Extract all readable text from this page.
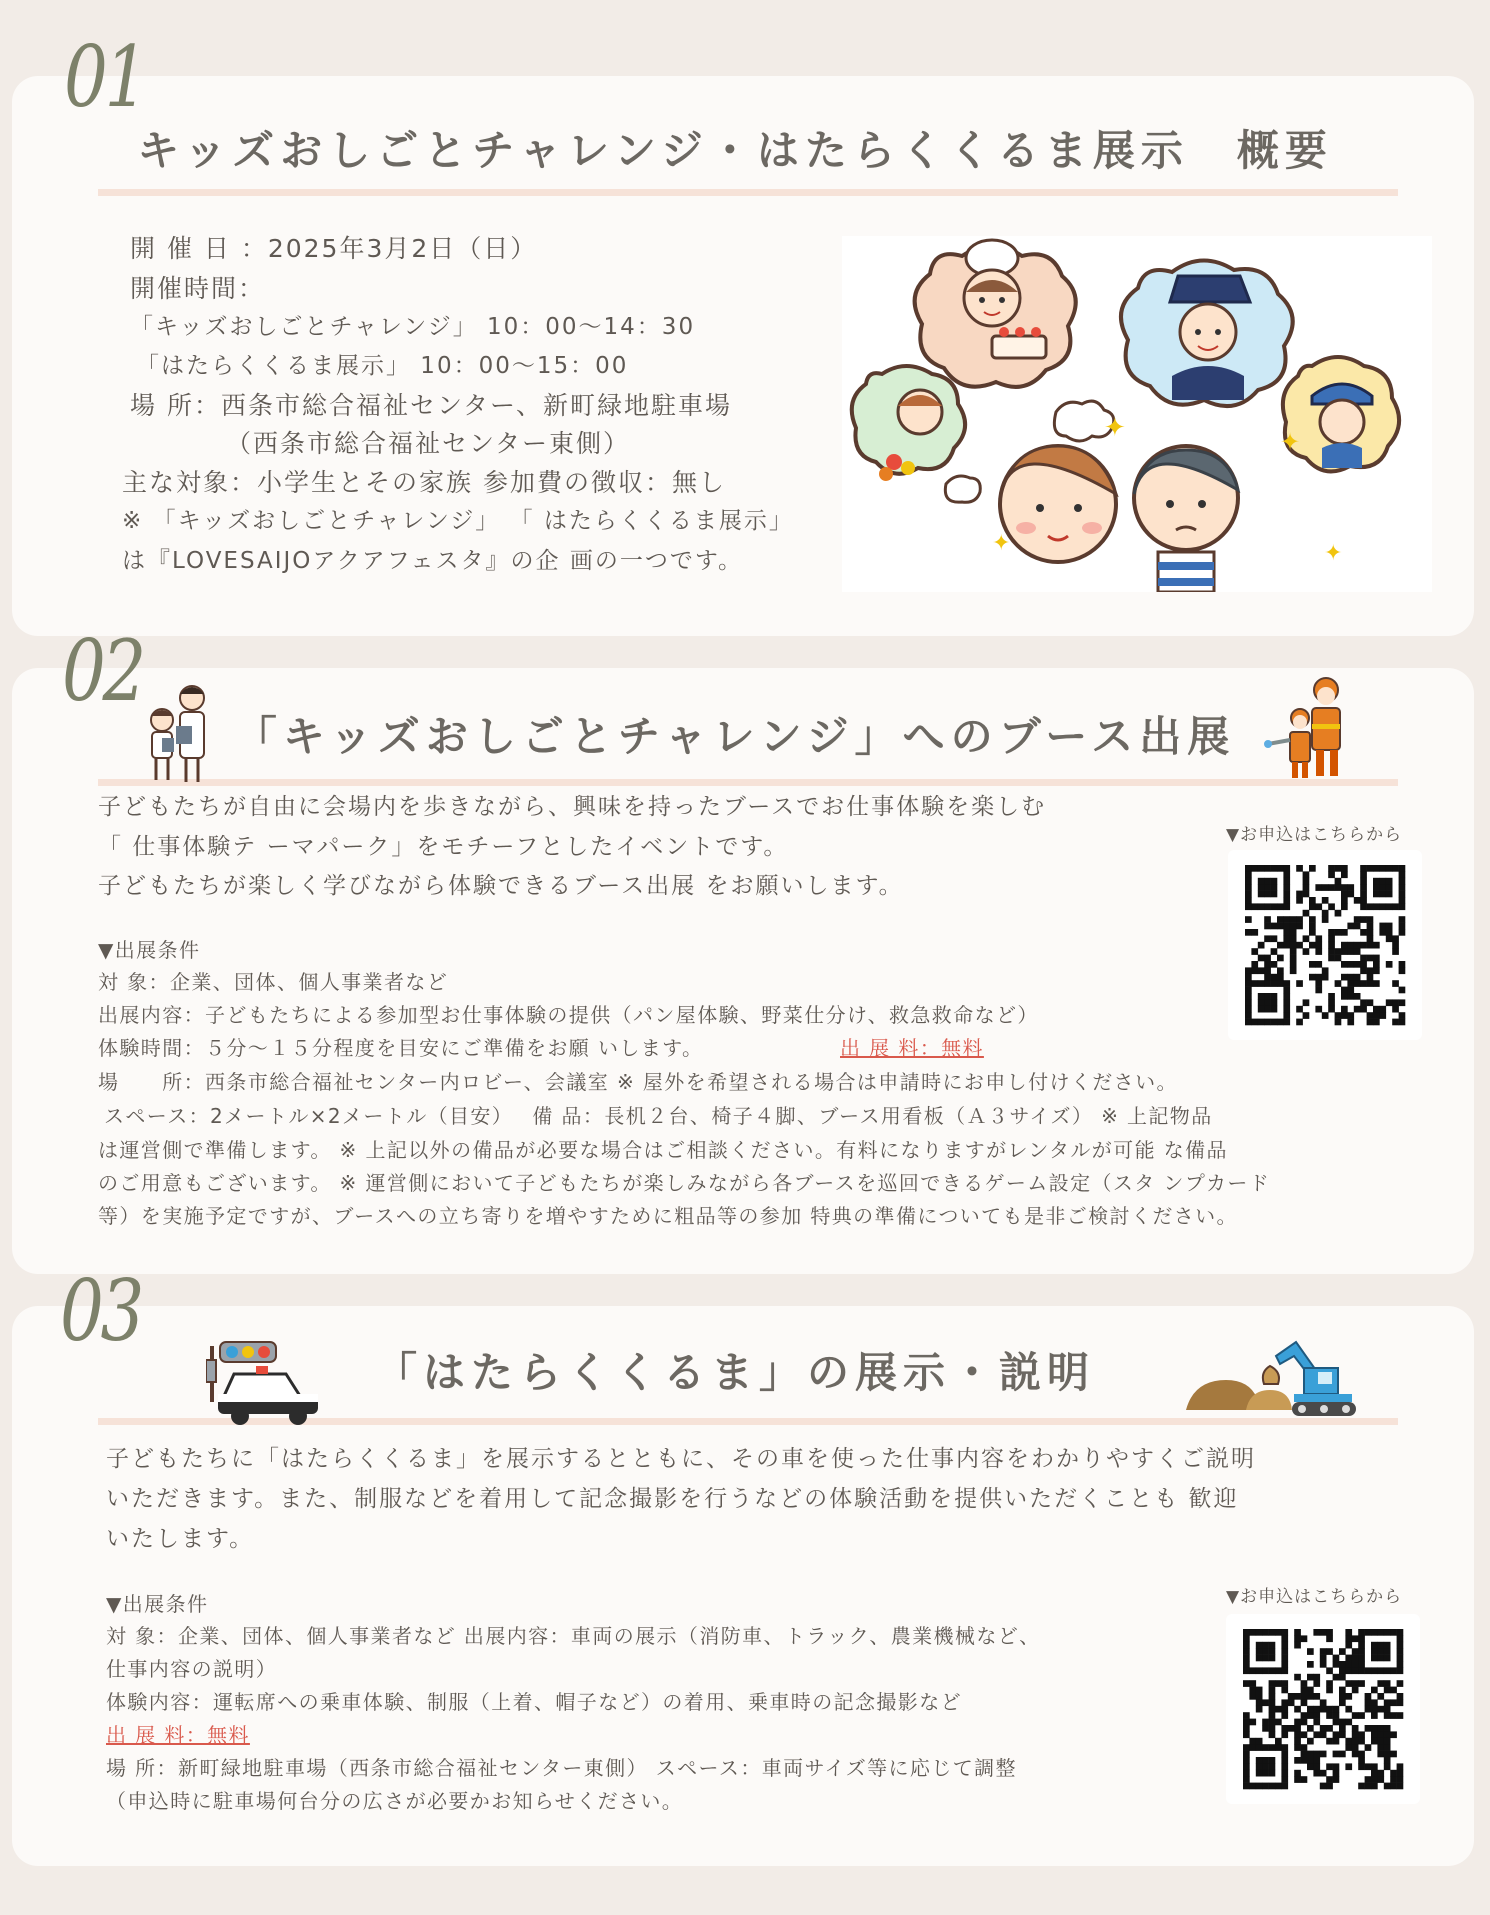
01
キッズおしごとチャレンジ・はたらくくるま展示　概要
開 催 日 ：2025年3月2日（日）
開催時間：
「キッズおしごとチャレンジ」 10：00〜14：30
「はたらくくるま展示」 10：00〜15：00
場 所：西条市総合福祉センター、新町緑地駐車場
（西条市総合福祉センター東側）
主な対象：小学生とその家族 参加費の徴収：無し
※ 「キッズおしごとチャレンジ」 「 はたらくくるま展示」
は『LOVESAIJOアクアフェスタ』の企 画の一つです。
✦	✦
✦	✦
02
「キッズおしごとチャレンジ」へのブース出展
子どもたちが自由に会場内を歩きながら、興味を持ったブースでお仕事体験を楽しむ
「 仕事体験テ ーマパーク」をモチーフとしたイベントです。
子どもたちが楽しく学びながら体験できるブース出展 をお願いします。
▼お申込はこちらから
▼出展条件
対 象：企業、団体、個人事業者など
出展内容：子どもたちによる参加型お仕事体験の提供（パン屋体験、野菜仕分け、救急救命など）
体験時間：５分〜１５分程度を目安にご準備をお願 いします。	出 展 料：無料
場　　所：西条市総合福祉センター内ロビー、会議室 ※ 屋外を希望される場合は申請時にお申し付けください。
スペース：2メートル×2メートル（目安）　 備 品：長机２台、椅子４脚、ブース用看板（Ａ３サイズ） ※ 上記物品
は運営側で準備します。 ※ 上記以外の備品が必要な場合はご相談ください。有料になりますがレンタルが可能 な備品
のご用意もございます。 ※ 運営側において子どもたちが楽しみながら各ブースを巡回できるゲーム設定（スタ ンプカード
等）を実施予定ですが、ブースへの立ち寄りを増やすために粗品等の参加 特典の準備についても是非ご検討ください。
03
「はたらくくるま」の展示・説明
子どもたちに「はたらくくるま」を展示するとともに、その車を使った仕事内容をわかりやすくご説明
いただきます。また、制服などを着用して記念撮影を行うなどの体験活動を提供いただくことも 歓迎
いたします。
▼お申込はこちらから
▼出展条件
対 象：企業、団体、個人事業者など 出展内容：車両の展示（消防車、トラック、農業機械など、
仕事内容の説明）
体験内容：運転席への乗車体験、制服（上着、帽子など）の着用、乗車時の記念撮影など
出 展 料：無料
場 所：新町緑地駐車場（西条市総合福祉センター東側） スペース：車両サイズ等に応じて調整
（申込時に駐車場何台分の広さが必要かお知らせください。
